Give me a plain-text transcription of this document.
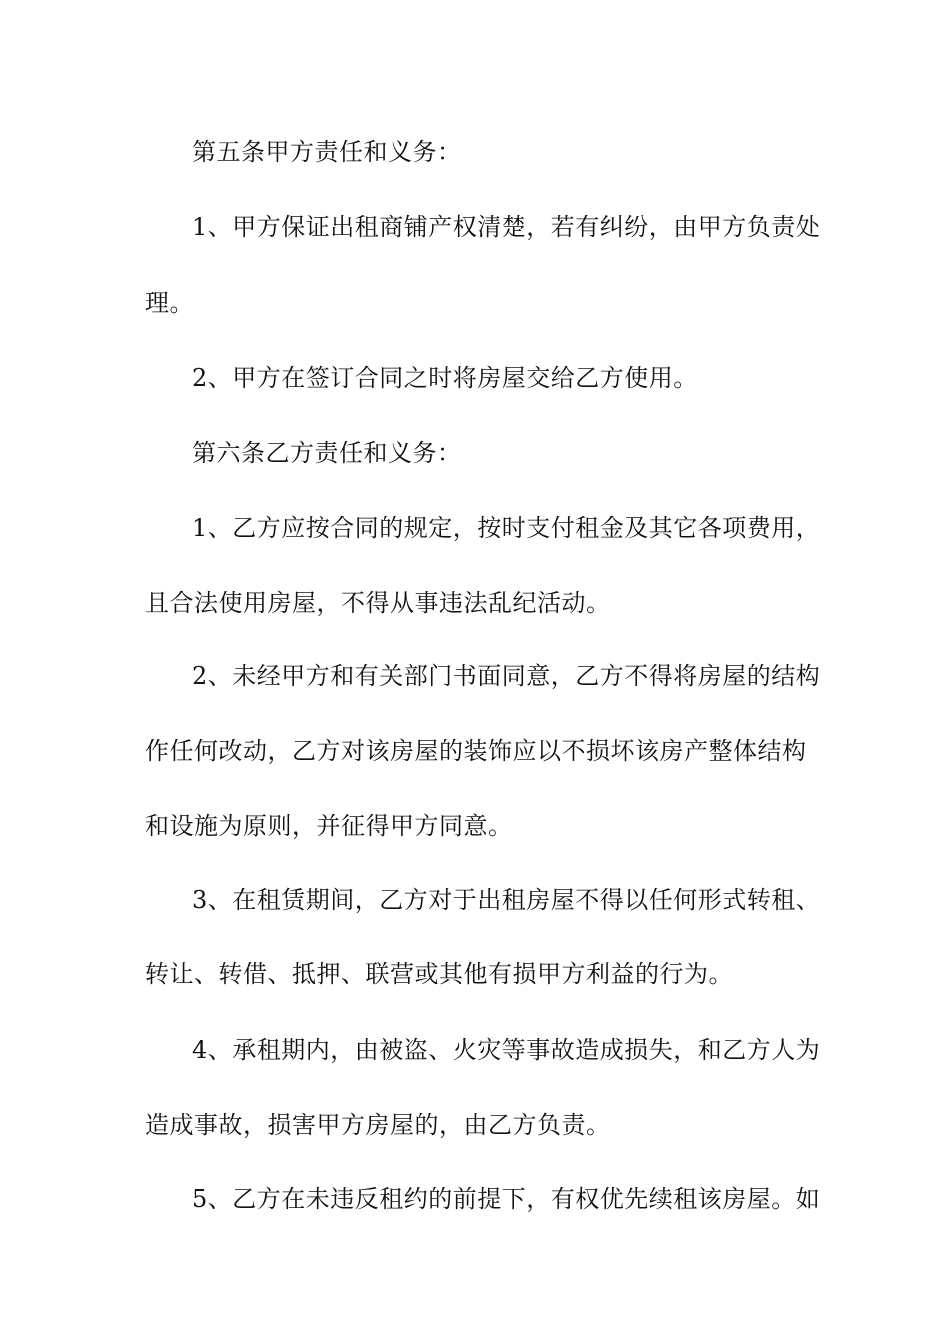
第五条甲方责任和义务：
1、甲方保证出租商铺产权清楚，若有纠纷，由甲方负责处
理。
2、甲方在签订合同之时将房屋交给乙方使用。
第六条乙方责任和义务：
1、乙方应按合同的规定，按时支付租金及其它各项费用，
且合法使用房屋，不得从事违法乱纪活动。
2、未经甲方和有关部门书面同意，乙方不得将房屋的结构
作任何改动，乙方对该房屋的装饰应以不损坏该房产整体结构
和设施为原则，并征得甲方同意。
3、在租赁期间，乙方对于出租房屋不得以任何形式转租、
转让、转借、抵押、联营或其他有损甲方利益的行为。
4、承租期内，由被盗、火灾等事故造成损失，和乙方人为
造成事故，损害甲方房屋的，由乙方负责。
5、乙方在未违反租约的前提下，有权优先续租该房屋。如
